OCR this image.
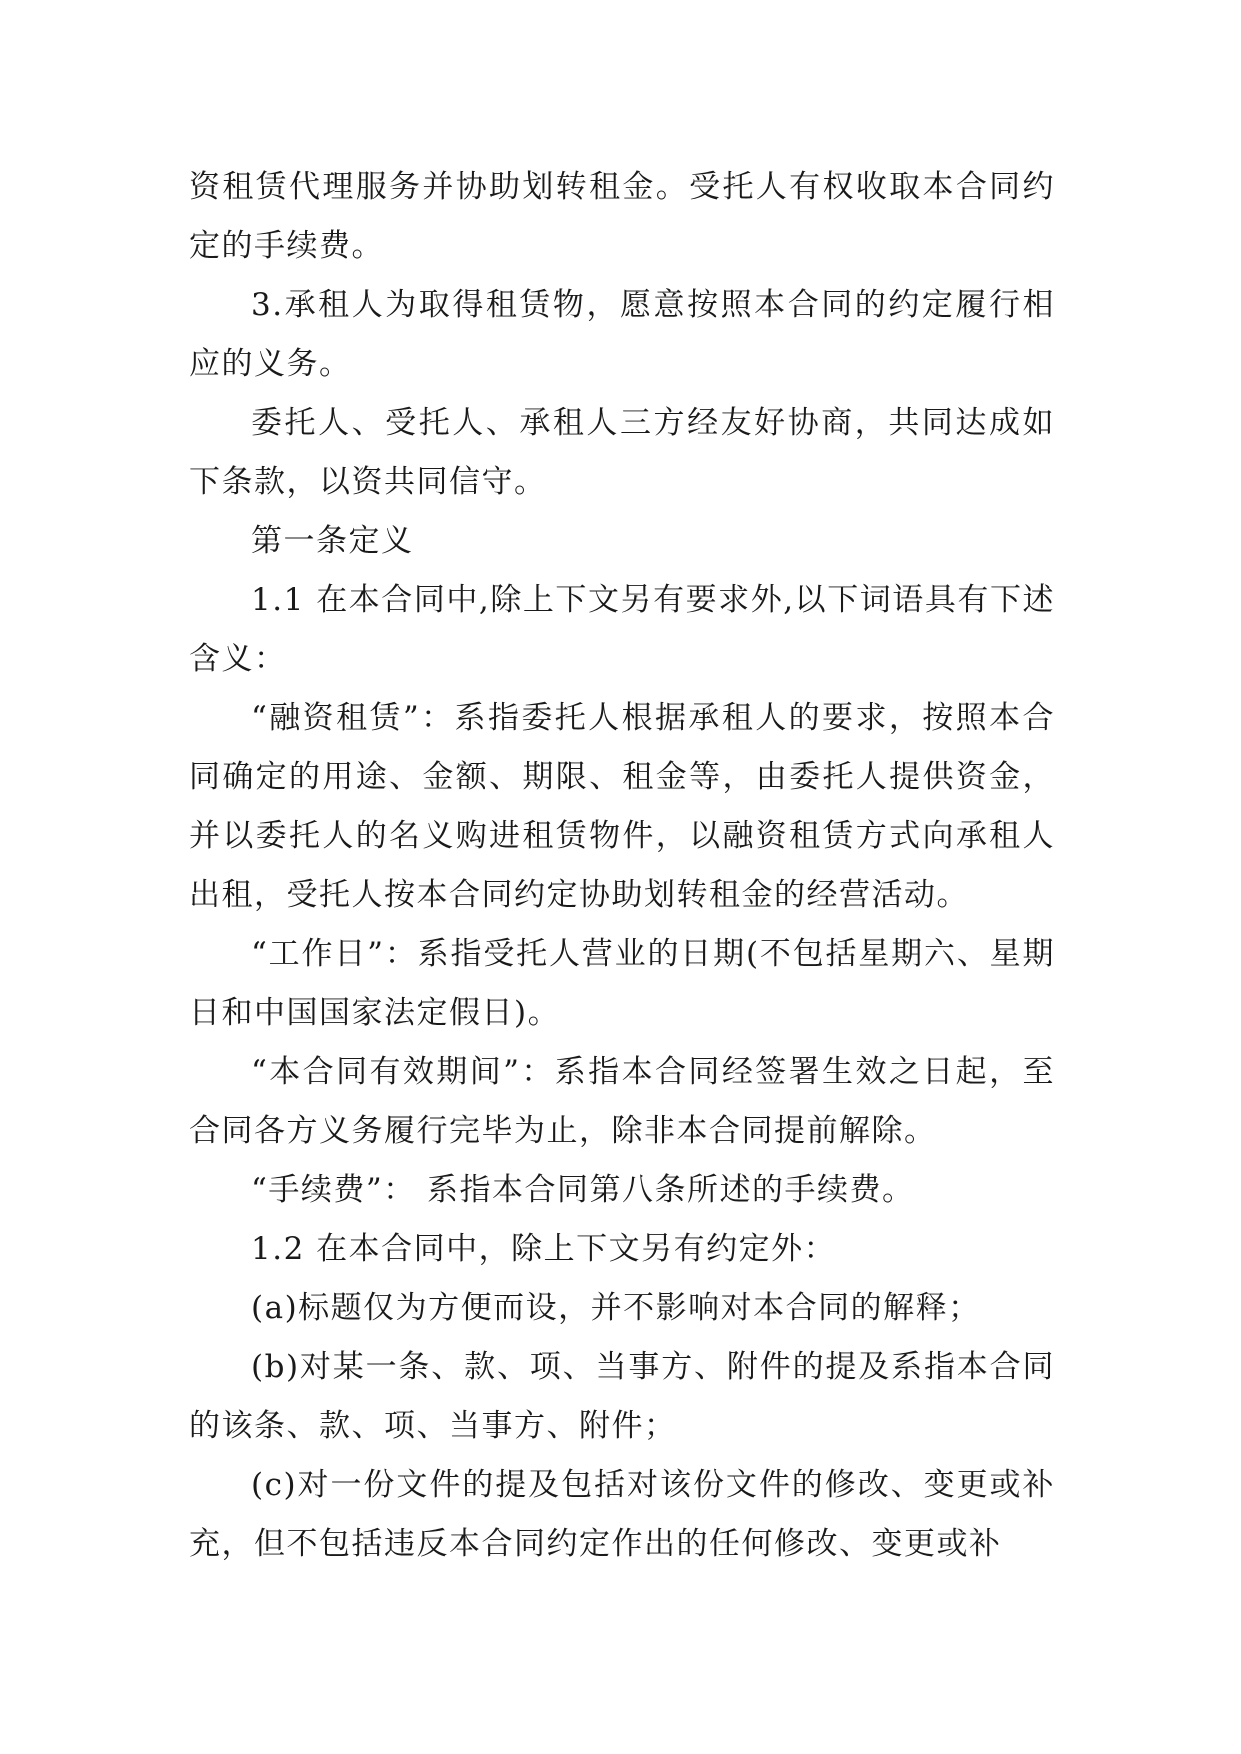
资租赁代理服务并协助划转租金。受托人有权收取本合同约定的手续费。

3.承租人为取得租赁物，愿意按照本合同的约定履行相应的义务。

委托人、受托人、承租人三方经友好协商，共同达成如下条款，以资共同信守。

第一条定义

1.1 在本合同中,除上下文另有要求外,以下词语具有下述含义：

“融资租赁”：系指委托人根据承租人的要求，按照本合同确定的用途、金额、期限、租金等，由委托人提供资金，并以委托人的名义购进租赁物件，以融资租赁方式向承租人出租，受托人按本合同约定协助划转租金的经营活动。

“工作日”：系指受托人营业的日期(不包括星期六、星期日和中国国家法定假日)。

“本合同有效期间”：系指本合同经签署生效之日起，至合同各方义务履行完毕为止，除非本合同提前解除。

“手续费”： 系指本合同第八条所述的手续费。

1.2 在本合同中，除上下文另有约定外：

(a)标题仅为方便而设，并不影响对本合同的解释；

(b)对某一条、款、项、当事方、附件的提及系指本合同的该条、款、项、当事方、附件；

(c)对一份文件的提及包括对该份文件的修改、变更或补充，但不包括违反本合同约定作出的任何修改、变更或补
